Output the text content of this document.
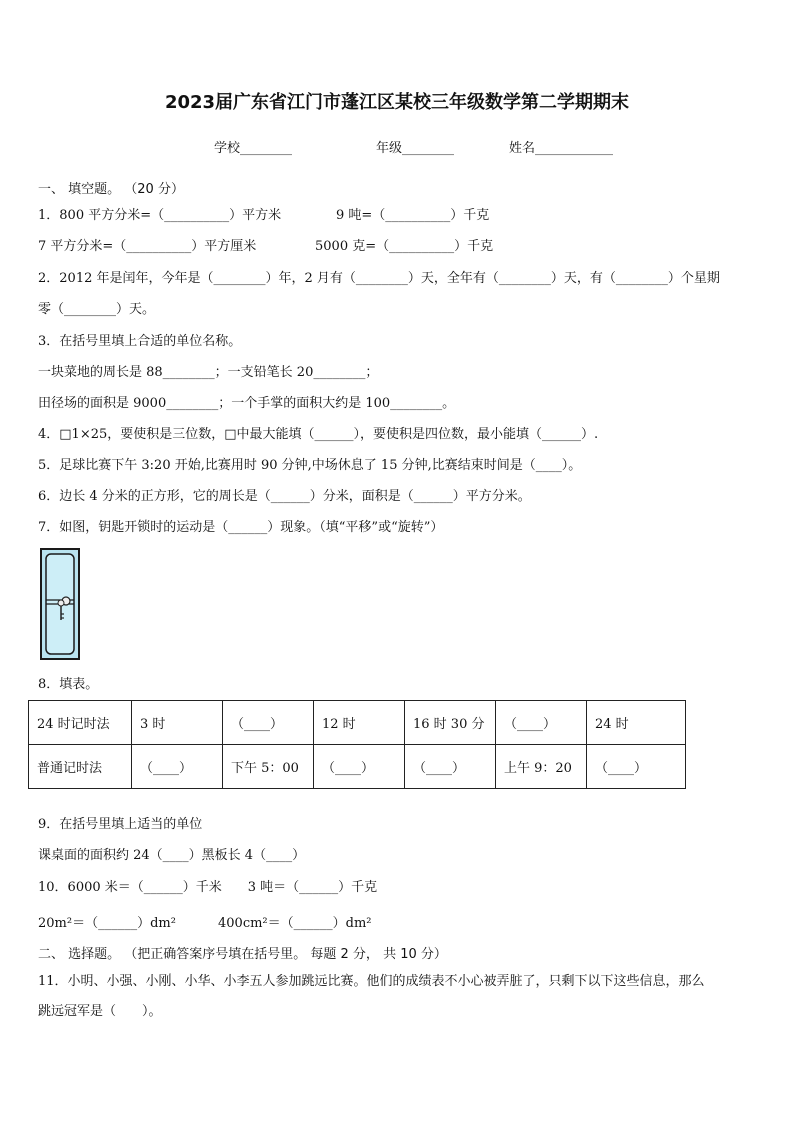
2023届广东省江门市蓬江区某校三年级数学第二学期期末
学校________	年级________	姓名____________
一、 填空题。 （20 分）
1．800 平方分米=（__________）平方米	9 吨=（__________）千克
7 平方分米=（__________）平方厘米	5000 克=（__________）千克
2．2012 年是闰年，今年是（________）年，2 月有（________）天，全年有（________）天，有（________）个星期
零（________）天。
3．在括号里填上合适的单位名称。
一块菜地的周长是 88________；一支铅笔长 20________；
田径场的面积是 9000________；一个手掌的面积大约是 100________。
4．□1×25，要使积是三位数，□中最大能填（______），要使积是四位数，最小能填（______）.
5．足球比赛下午 3:20 开始,比赛用时 90 分钟,中场休息了 15 分钟,比赛结束时间是（____）。
6．边长 4 分米的正方形，它的周长是（______）分米，面积是（______）平方分米。
7．如图，钥匙开锁时的运动是（______）现象。（填“平移”或“旋转”）
8．填表。
24 时记时法	3 时	（____）	12 时	16 时 30 分	（____）	24 时
普通记时法	（____）	下午 5：00	（____）	（____）	上午 9：20	（____）
9．在括号里填上适当的单位
课桌面的面积约 24（____）黑板长 4（____）
10．6000 米＝（______）千米　　3 吨＝（______）千克
20m²＝（______）dm²	400cm²＝（______）dm²
二、 选择题。 （把正确答案序号填在括号里。 每题 2 分， 共 10 分）
11．小明、小强、小刚、小华、小李五人参加跳远比赛。他们的成绩表不小心被弄脏了，只剩下以下这些信息，那么
跳远冠军是（　　）。
